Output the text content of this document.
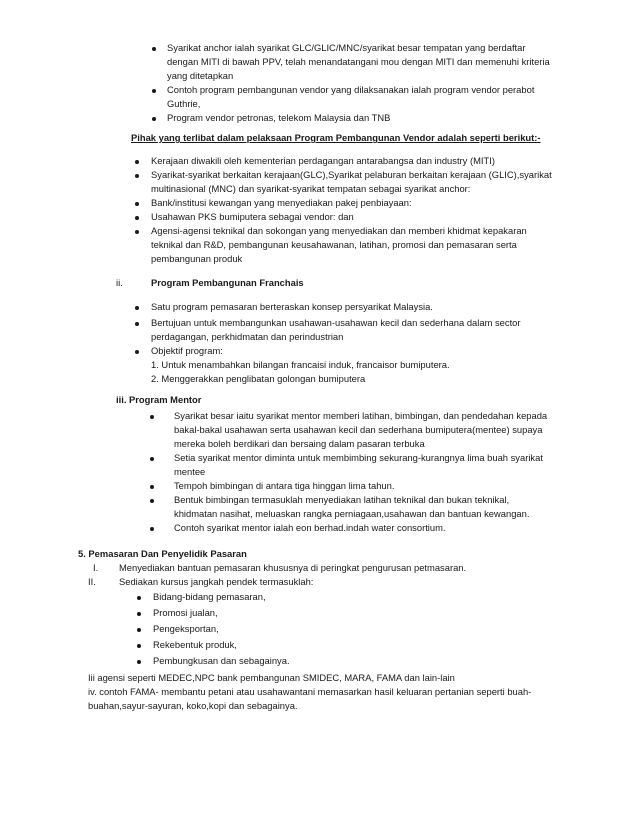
Syarikat anchor ialah syarikat GLC/GLIC/MNC/syarikat besar tempatan yang berdaftar
dengan MITI di bawah PPV, telah menandatangani mou dengan MITI dan memenuhi kriteria
yang ditetapkan
Contoh program pembangunan vendor yang dilaksanakan ialah program vendor perabot
Guthrie,
Program vendor petronas, telekom Malaysia dan TNB
Pihak yang terlibat dalam pelaksaan Program Pembangunan Vendor adalah seperti berikut:-
Kerajaan diwakili oleh kementerian perdagangan antarabangsa dan industry (MITI)
Syarikat-syarikat berkaitan kerajaan(GLC),Syarikat pelaburan berkaitan kerajaan (GLIC),syarikat
multinasional (MNC) dan syarikat-syarikat tempatan sebagai syarikat anchor:
Bank/institusi kewangan yang menyediakan pakej penbiayaan:
Usahawan PKS bumiputera sebagai vendor: dan
Agensi-agensi teknikal dan sokongan yang menyediakan dan memberi khidmat kepakaran
teknikal dan R&D, pembangunan keusahawanan, latihan, promosi dan pemasaran serta
pembangunan produk
ii.	Program Pembangunan Franchais
Satu program pemasaran berteraskan konsep persyarikat Malaysia.
Bertujuan untuk membangunkan usahawan-usahawan kecil dan sederhana dalam sector
perdagangan, perkhidmatan dan perindustrian
Objektif program:
1. Untuk menambahkan bilangan francaisi induk, francaisor bumiputera.
2. Menggerakkan penglibatan golongan bumiputera
iii. Program Mentor
Syarikat besar iaitu syarikat mentor memberi latihan, bimbingan, dan pendedahan kepada
bakal-bakal usahawan serta usahawan kecil dan sederhana bumiputera(mentee) supaya
mereka boleh berdikari dan bersaing dalam pasaran terbuka
Setia syarikat mentor diminta untuk membimbing sekurang-kurangnya lima buah syarikat
mentee
Tempoh bimbingan di antara tiga hinggan lima tahun.
Bentuk bimbingan termasuklah menyediakan latihan teknikal dan bukan teknikal,
khidmatan nasihat, meluaskan rangka perniagaan,usahawan dan bantuan kewangan.
Contoh syarikat mentor ialah eon berhad.indah water consortium.
5. Pemasaran Dan Penyelidik Pasaran
I. Menyediakan bantuan pemasaran khususnya di peringkat pengurusan petmasaran.
II. Sediakan kursus jangkah pendek termasuklah:
Bidang-bidang pemasaran,
Promosi jualan,
Pengeksportan,
Rekebentuk produk,
Pembungkusan dan sebagainya.
Iii agensi seperti MEDEC,NPC bank pembangunan SMIDEC, MARA, FAMA dan lain-lain
iv. contoh FAMA- membantu petani atau usahawantani memasarkan hasil keluaran pertanian seperti buah-
buahan,sayur-sayuran, koko,kopi dan sebagainya.
